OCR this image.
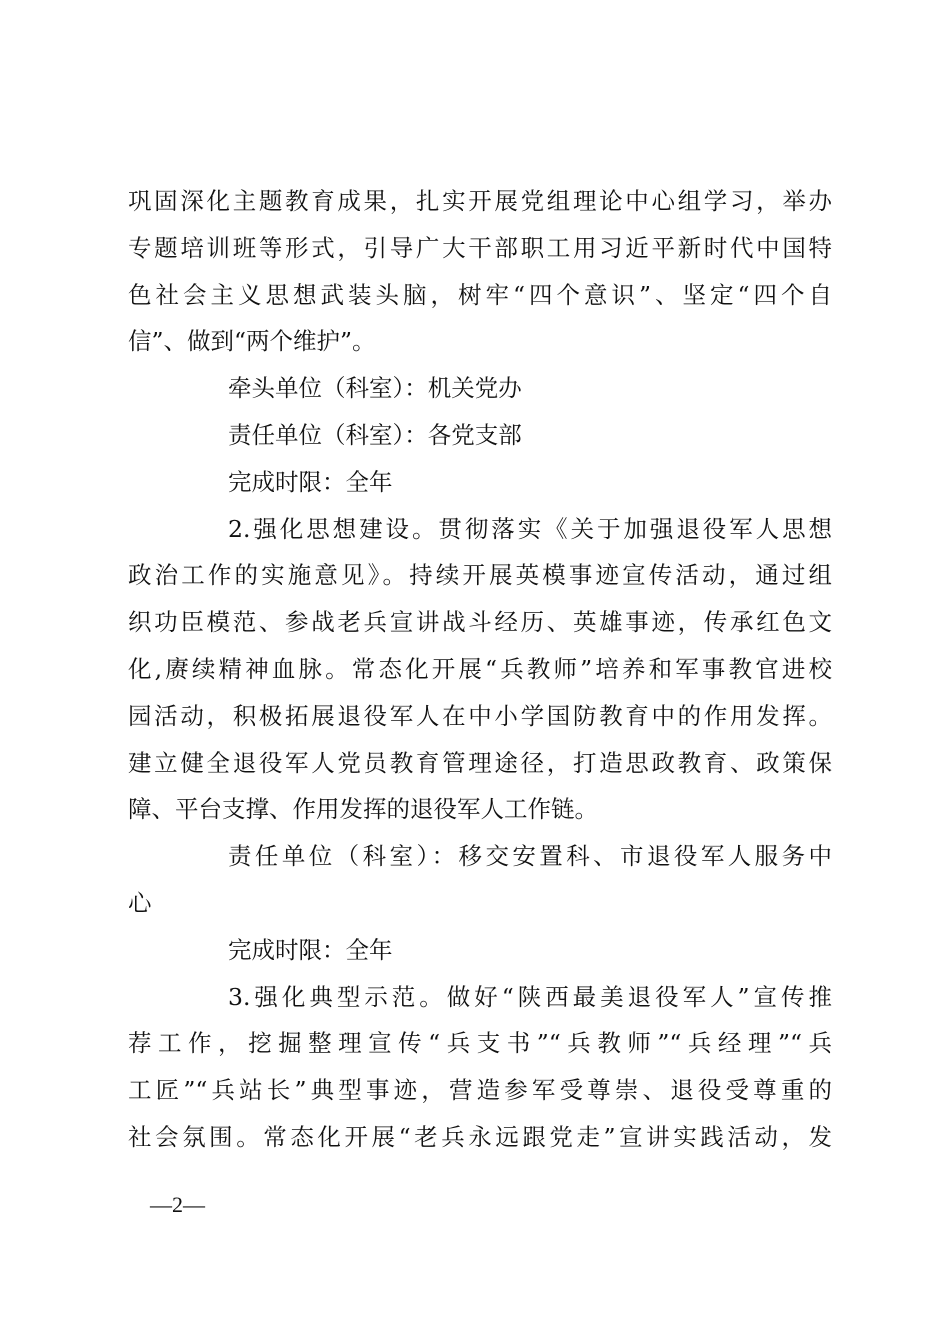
巩固深化主题教育成果，扎实开展党组理论中心组学习，举办
专题培训班等形式，引导广大干部职工用习近平新时代中国特
色社会主义思想武装头脑，树牢“四个意识”、坚定“四个自
信”、做到“两个维护”。
牵头单位（科室）：机关党办
责任单位（科室）：各党支部
完成时限：全年
2.强化思想建设。贯彻落实《关于加强退役军人思想
政治工作的实施意见》。持续开展英模事迹宣传活动，通过组
织功臣模范、参战老兵宣讲战斗经历、英雄事迹，传承红色文
化,赓续精神血脉。常态化开展“兵教师”培养和军事教官进校
园活动，积极拓展退役军人在中小学国防教育中的作用发挥。
建立健全退役军人党员教育管理途径，打造思政教育、政策保
障、平台支撑、作用发挥的退役军人工作链。
责任单位（科室）：移交安置科、市退役军人服务中
心
完成时限：全年
3.强化典型示范。做好“陕西最美退役军人”宣传推
荐工作，挖掘整理宣传“兵支书”“兵教师”“兵经理”“兵
工匠”“兵站长”典型事迹，营造参军受尊崇、退役受尊重的
社会氛围。常态化开展“老兵永远跟党走”宣讲实践活动，发
—2—
